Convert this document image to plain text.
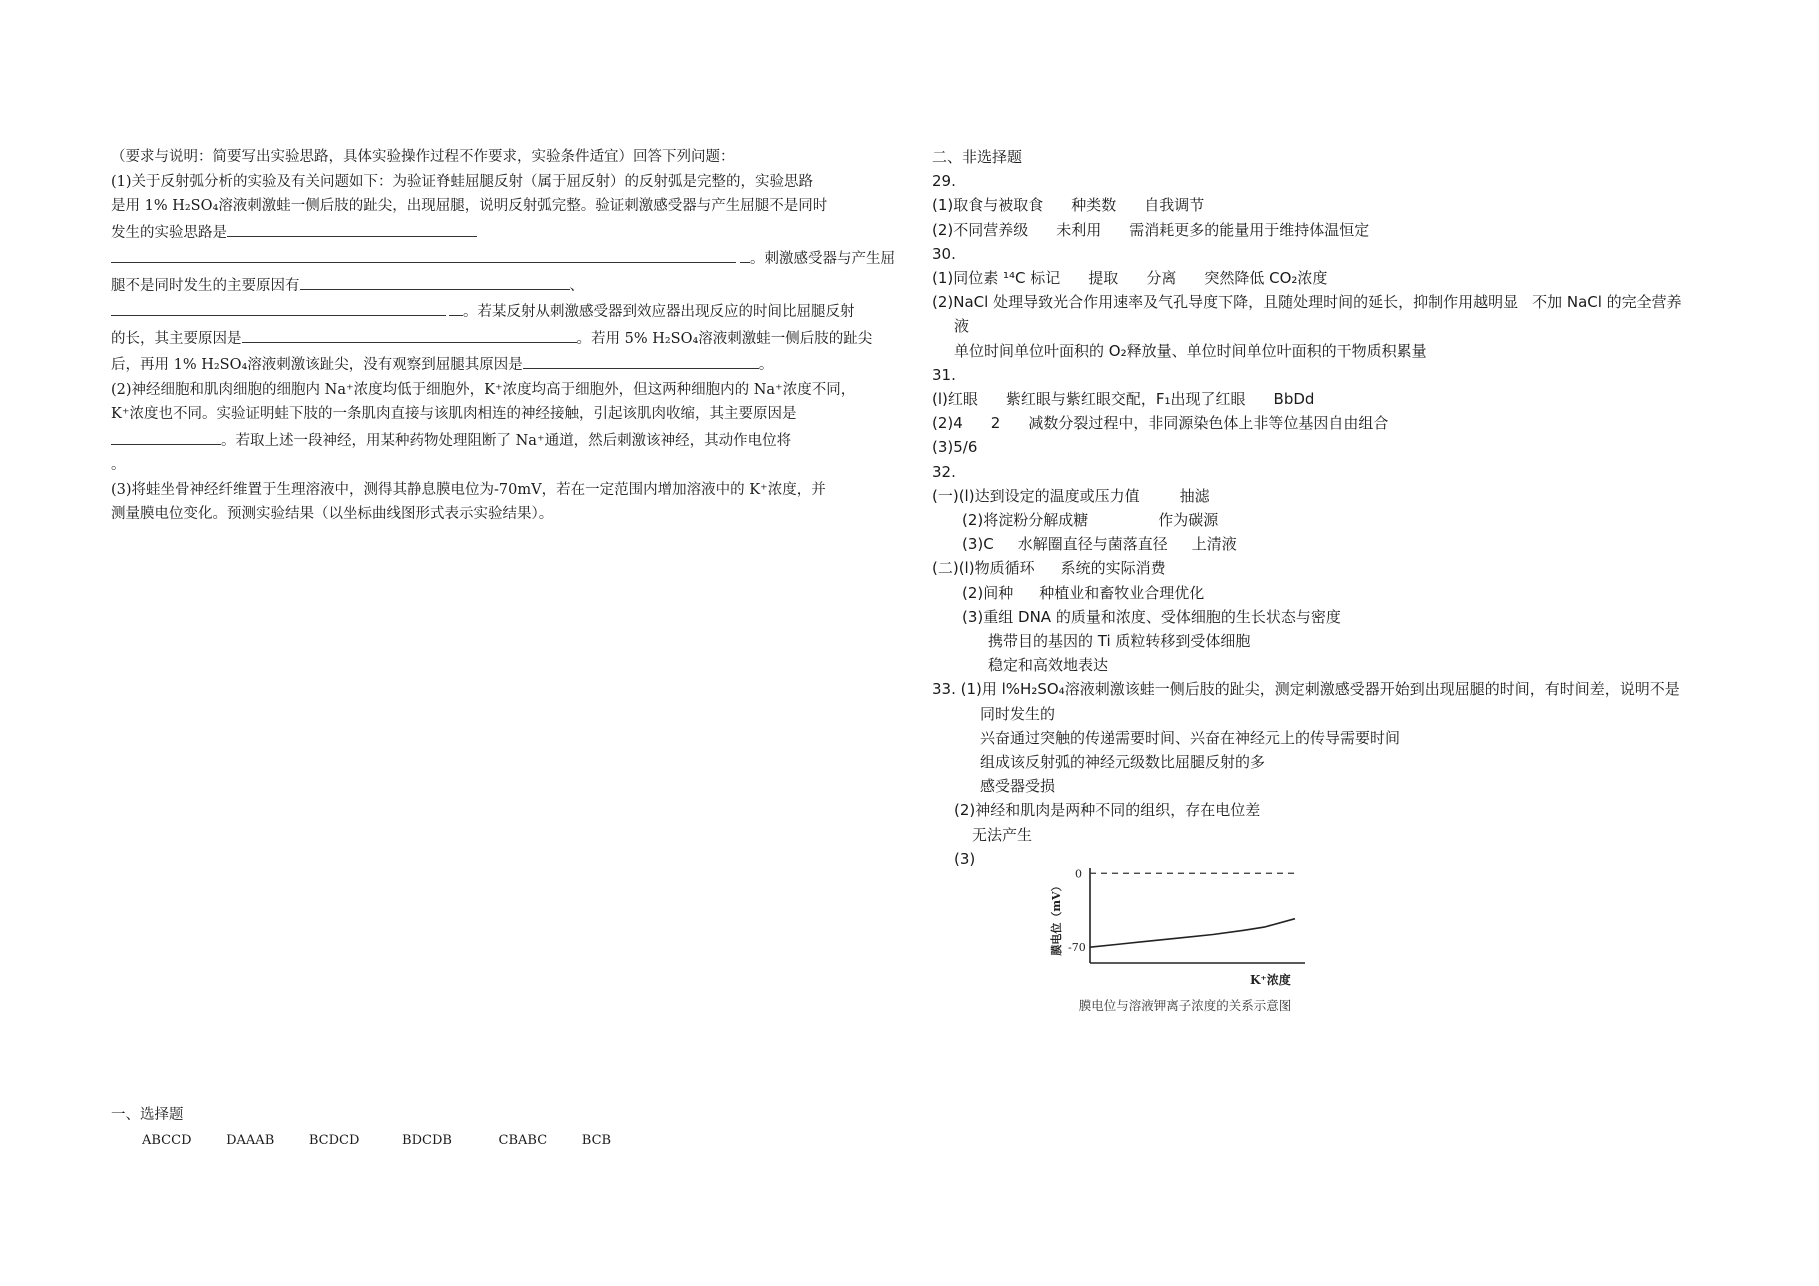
（要求与说明：简要写出实验思路，具体实验操作过程不作要求，实验条件适宜）回答下列问题：
(1)关于反射弧分析的实验及有关问题如下：为验证脊蛙屈腿反射（属于屈反射）的反射弧是完整的，实验思路
是用 1% H₂SO₄溶液刺激蛙一侧后肢的趾尖，出现屈腿，说明反射弧完整。验证刺激感受器与产生屈腿不是同时
发生的实验思路是
。刺激感受器与产生屈
腿不是同时发生的主要原因有	、
。若某反射从刺激感受器到效应器出现反应的时间比屈腿反射
的长，其主要原因是	。若用 5% H₂SO₄溶液刺激蛙一侧后肢的趾尖
后，再用 1% H₂SO₄溶液刺激该趾尖，没有观察到屈腿其原因是	。
(2)神经细胞和肌肉细胞的细胞内 Na⁺浓度均低于细胞外，K⁺浓度均高于细胞外，但这两种细胞内的 Na⁺浓度不同，
K⁺浓度也不同。实验证明蛙下肢的一条肌肉直接与该肌肉相连的神经接触，引起该肌肉收缩，其主要原因是
。若取上述一段神经，用某种药物处理阻断了 Na⁺通道，然后刺激该神经，其动作电位将
。
(3)将蛙坐骨神经纤维置于生理溶液中，测得其静息膜电位为-70mV，若在一定范围内增加溶液中的 K⁺浓度，并
测量膜电位变化。预测实验结果（以坐标曲线图形式表示实验结果）。
二、非选择题
29.
(1)取食与被取食 种类数 自我调节
(2)不同营养级 未利用 需消耗更多的能量用于维持体温恒定
30.
(1)同位素 ¹⁴C 标记 提取 分离 突然降低 CO₂浓度
(2)NaCl 处理导致光合作用速率及气孔导度下降，且随处理时间的延长，抑制作用越明显 不加 NaCl 的完全营养
液
单位时间单位叶面积的 O₂释放量、单位时间单位叶面积的干物质积累量
31.
(l)红眼 紫红眼与紫红眼交配，F₁出现了红眼 BbDd
(2)4 2 减数分裂过程中，非同源染色体上非等位基因自由组合
(3)5/6
32.
(一)(l)达到设定的温度或压力值	抽滤
(2)将淀粉分解成糖	作为碳源
(3)C 水解圈直径与菌落直径 上清液
(二)(l)物质循环 系统的实际消费
(2)间种 种植业和畜牧业合理优化
(3)重组 DNA 的质量和浓度、受体细胞的生长状态与密度
携带目的基因的 Ti 质粒转移到受体细胞
稳定和高效地表达
33. (1)用 l%H₂SO₄溶液刺激该蛙一侧后肢的趾尖，测定刺激感受器开始到出现屈腿的时间，有时间差，说明不是
同时发生的
兴奋通过突触的传递需要时间、兴奋在神经元上的传导需要时间
组成该反射弧的神经元级数比屈腿反射的多
感受器受损
(2)神经和肌肉是两种不同的组织，存在电位差
无法产生
(3)
0
-70
膜电位（mV）
K⁺浓度
膜电位与溶液钾离子浓度的关系示意图
一、选择题
ABCCD	DAAAB	BCDCD	BDCDB	CBABC	BCB
